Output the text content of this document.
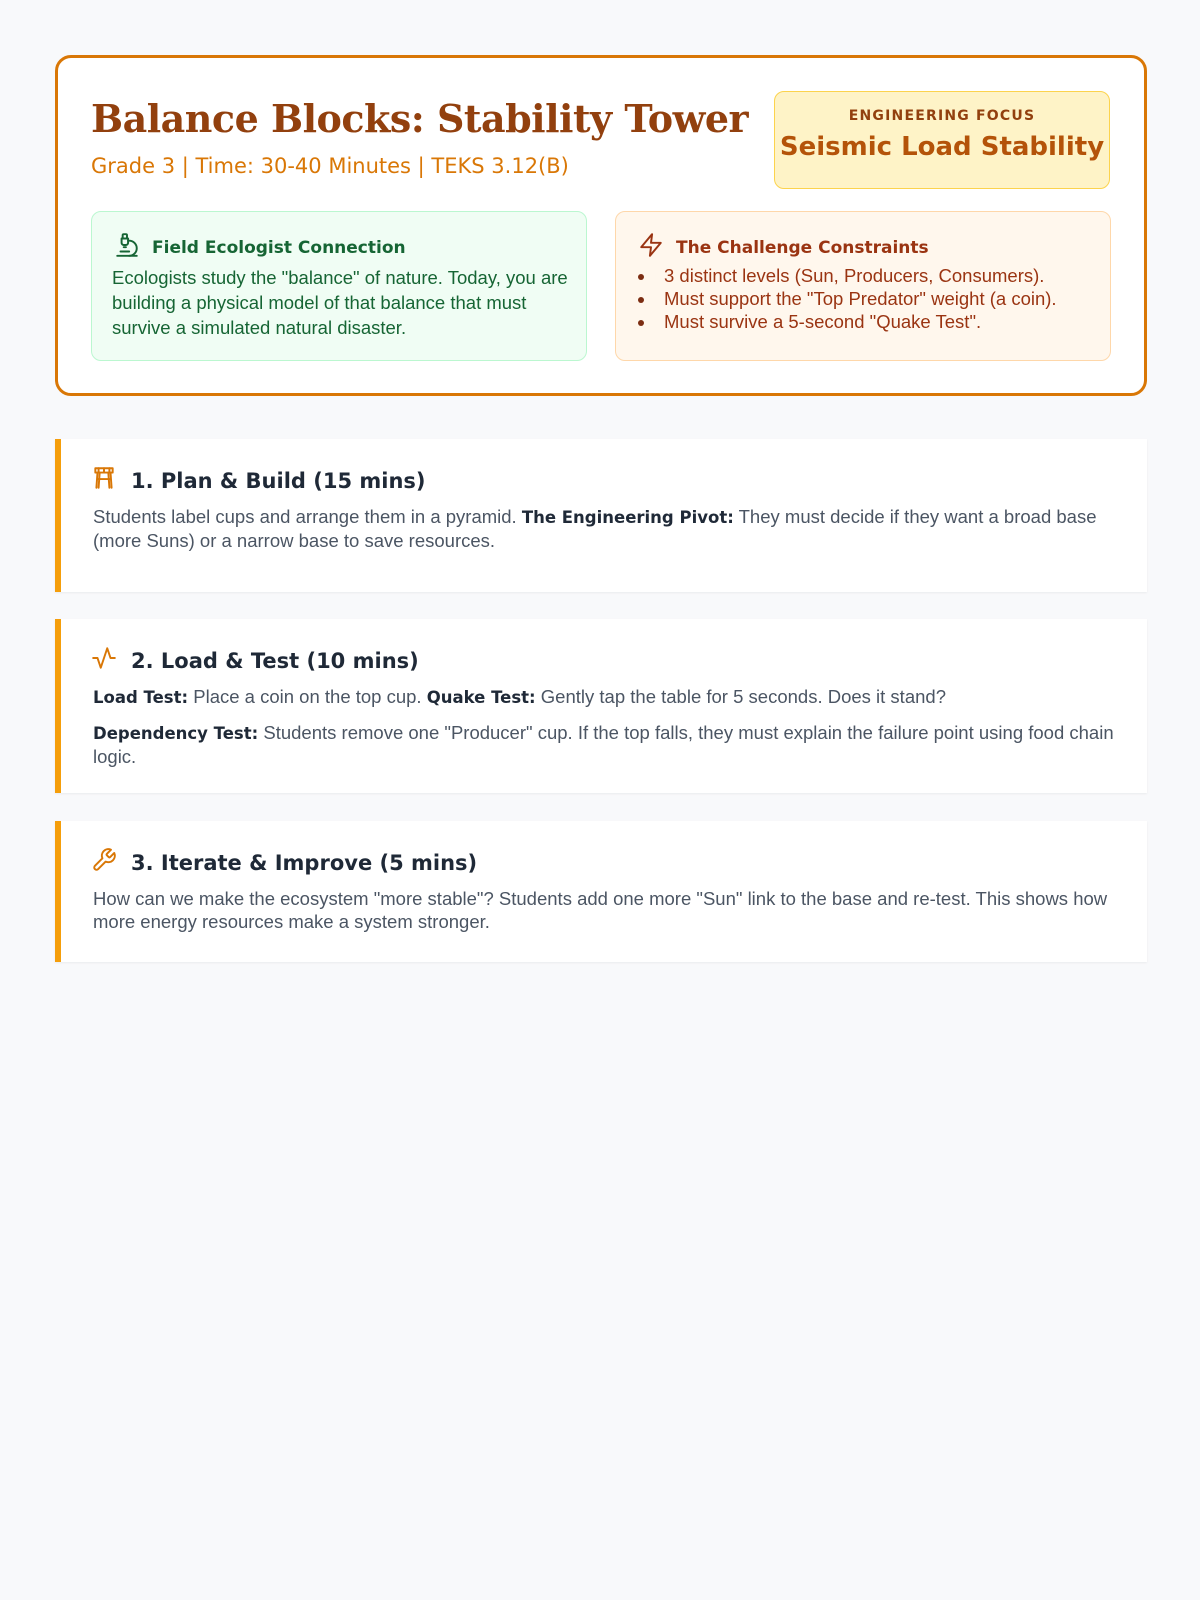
Balance Blocks: Stability Tower
Grade 3 | Time: 30-40 Minutes | TEKS 3.12(B)
ENGINEERING FOCUS
Seismic Load Stability
Field Ecologist Connection

Ecologists study the "balance" of nature. Today, you are building a physical model of that balance that must survive a simulated natural disaster.

The Challenge Constraints
3 distinct levels (Sun, Producers, Consumers).
Must support the "Top Predator" weight (a coin).
Must survive a 5-second "Quake Test".
1. Plan & Build (15 mins)

Students label cups and arrange them in a pyramid. The Engineering Pivot: They must decide if they want a broad base (more Suns) or a narrow base to save resources.

2. Load & Test (10 mins)

Load Test: Place a coin on the top cup. Quake Test: Gently tap the table for 5 seconds. Does it stand?

Dependency Test: Students remove one "Producer" cup. If the top falls, they must explain the failure point using food chain logic.

3. Iterate & Improve (5 mins)

How can we make the ecosystem "more stable"? Students add one more "Sun" link to the base and re-test. This shows how more energy resources make a system stronger.
